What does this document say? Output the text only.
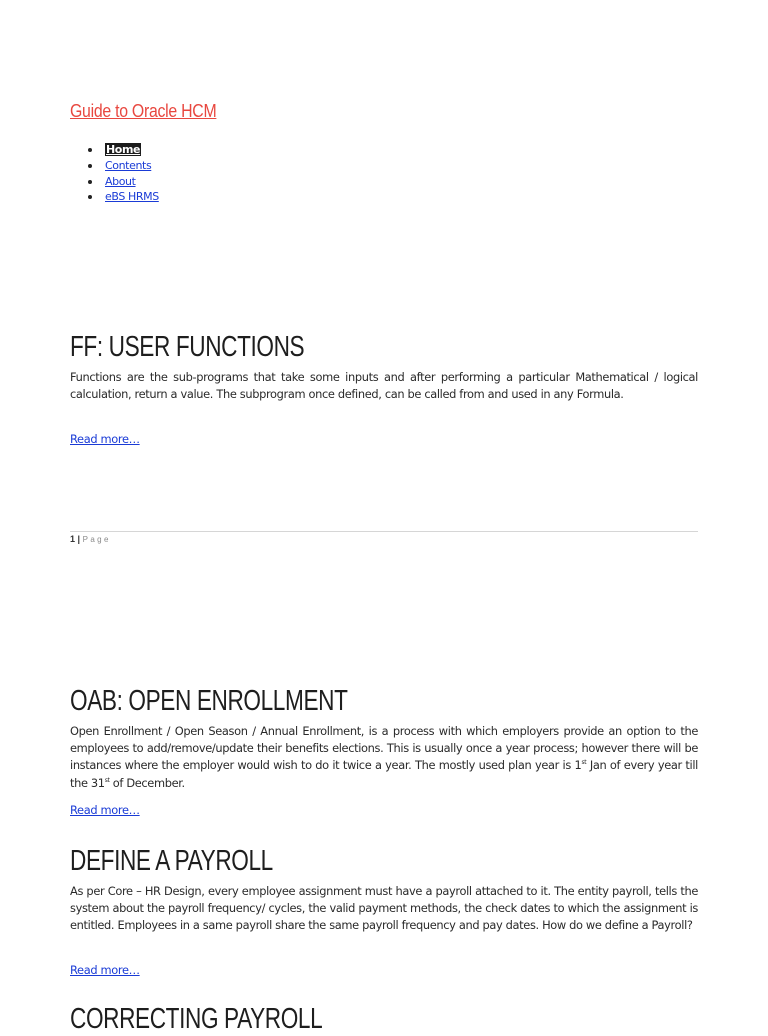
Guide to Oracle HCM
Home
Contents
About
eBS HRMS
FF: USER FUNCTIONS

Functions are the sub-programs that take some inputs and after performing a particular Mathematical / logical calculation, return a value. The subprogram once defined, can be called from and used in any Formula.

Read more…
1 | Page
OAB: OPEN ENROLLMENT

Open Enrollment / Open Season / Annual Enrollment, is a process with which employers provide an option to the employees to add/remove/update their benefits elections. This is usually once a year process; however there will be instances where the employer would wish to do it twice a year. The mostly used plan year is 1st Jan of every year till the 31st of December.

Read more…
DEFINE A PAYROLL

As per Core – HR Design, every employee assignment must have a payroll attached to it. The entity payroll, tells the system about the payroll frequency/ cycles, the valid payment methods, the check dates to which the assignment is entitled. Employees in a same payroll share the same payroll frequency and pay dates. How do we define a Payroll?

Read more…
CORRECTING PAYROLL
